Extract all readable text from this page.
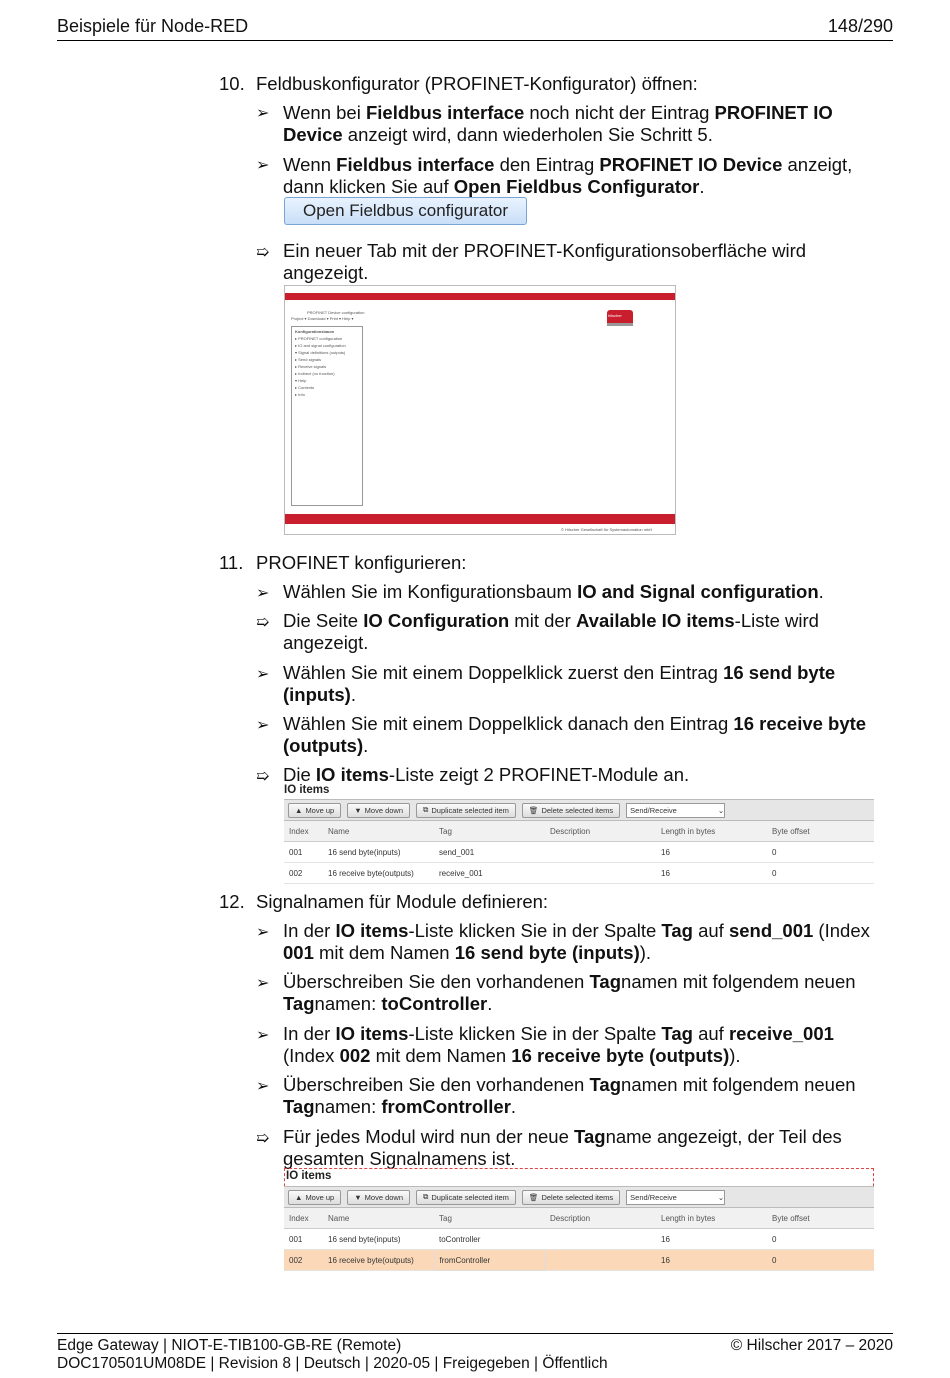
Beispiele für Node-RED	148/290
10. Feldbuskonfigurator (PROFINET-Konfigurator) öffnen:
➢ Wenn bei Fieldbus interface noch nicht der Eintrag PROFINET IO
Device anzeigt wird, dann wiederholen Sie Schritt 5.
➢ Wenn Fieldbus interface den Eintrag PROFINET IO Device anzeigt,
dann klicken Sie auf Open Fieldbus Configurator.
Open Fieldbus configurator
➯ Ein neuer Tab mit der PROFINET-Konfigurationsoberfläche wird
angezeigt.
PROFINET Device configuration
Project ▾ Download ▾ Print ▾ Help ▾
Konfigurationsbaum
▸ PROFINET configuration
▸ IO and signal configuration
▾ Signal definitions (outputs)
▸ Send signals
▸ Receive signals
▸ Indirect (no function)
▾ Help
▸ Contents
▸ Info
hilscher
© Hilscher Gesellschaft für Systemautomation mbH
11. PROFINET konfigurieren:
➢ Wählen Sie im Konfigurationsbaum IO and Signal configuration.
➯ Die Seite IO Configuration mit der Available IO items-Liste wird
angezeigt.
➢ Wählen Sie mit einem Doppelklick zuerst den Eintrag 16 send byte
(inputs).
➢ Wählen Sie mit einem Doppelklick danach den Eintrag 16 receive byte
(outputs).
➯ Die IO items-Liste zeigt 2 PROFINET-Module an.
IO items
▲ Move up	▼ Move down	⧉ Duplicate selected item	🗑 Delete selected items Send/Receive	⌄
Index	Name	Tag	Description	Length in bytes	Byte offset
001	16 send byte(inputs)	send_001		16	0
002	16 receive byte(outputs)	receive_001		16	0
12. Signalnamen für Module definieren:
➢ In der IO items-Liste klicken Sie in der Spalte Tag auf send_001 (Index
001 mit dem Namen 16 send byte (inputs)).
➢ Überschreiben Sie den vorhandenen Tagnamen mit folgendem neuen
Tagnamen: toController.
➢ In der IO items-Liste klicken Sie in der Spalte Tag auf receive_001
(Index 002 mit dem Namen 16 receive byte (outputs)).
➢ Überschreiben Sie den vorhandenen Tagnamen mit folgendem neuen
Tagnamen: fromController.
➯ Für jedes Modul wird nun der neue Tagname angezeigt, der Teil des
gesamten Signalnamens ist.
IO items
▲ Move up	▼ Move down	⧉ Duplicate selected item	🗑 Delete selected items Send/Receive	⌄
Index	Name	Tag	Description	Length in bytes	Byte offset
001	16 send byte(inputs)	toController		16	0
002	16 receive byte(outputs)	fromController		16	0
Edge Gateway | NIOT-E-TIB100-GB-RE (Remote)
DOC170501UM08DE | Revision 8 | Deutsch | 2020-05 | Freigegeben | Öffentlich
© Hilscher 2017 – 2020
